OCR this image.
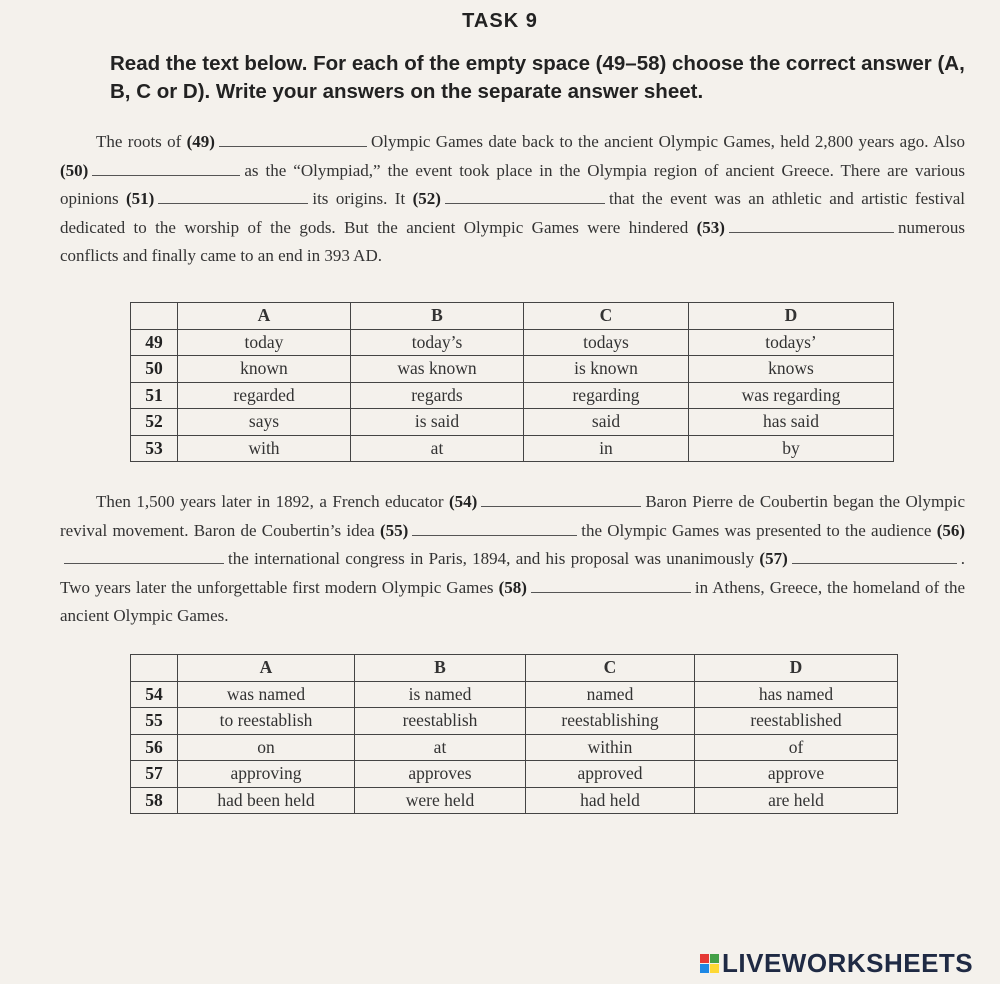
TASK 9
Read the text below. For each of the empty space (49–58) choose the correct answer (A, B, C or D). Write your answers on the separate answer sheet.

The roots of (49)	Olympic Games date back to the ancient Olympic Games, held 2,800 years ago. Also (50)	as the “Olympiad,” the event took place in the Olympia region of ancient Greece. There are various opinions (51)	its origins. It (52)	that the event was an athletic and artistic festival dedicated to the worship of the gods. But the ancient Olympic Games were hindered (53)	numerous conflicts and finally came to an end in 393 AD.

	A	B	C	D
49	today	today’s	todays	todays’
50	known	was known	is known	knows
51	regarded	regards	regarding	was regarding
52	says	is said	said	has said
53	with	at	in	by

Then 1,500 years later in 1892, a French educator (54)	Baron Pierre de Coubertin began the Olympic revival movement. Baron de Coubertin’s idea (55)	the Olympic Games was presented to the audience (56)the international congress in Paris, 1894, and his proposal was unanimously (57)	. Two years later the unforgettable first modern Olympic Games (58)	in Athens, Greece, the homeland of the ancient Olympic Games.

	A	B	C	D
54	was named	is named	named	has named
55	to reestablish	reestablish	reestablishing	reestablished
56	on	at	within	of
57	approving	approves	approved	approve
58	had been held	were held	had held	are held
LIVEWORKSHEETS
